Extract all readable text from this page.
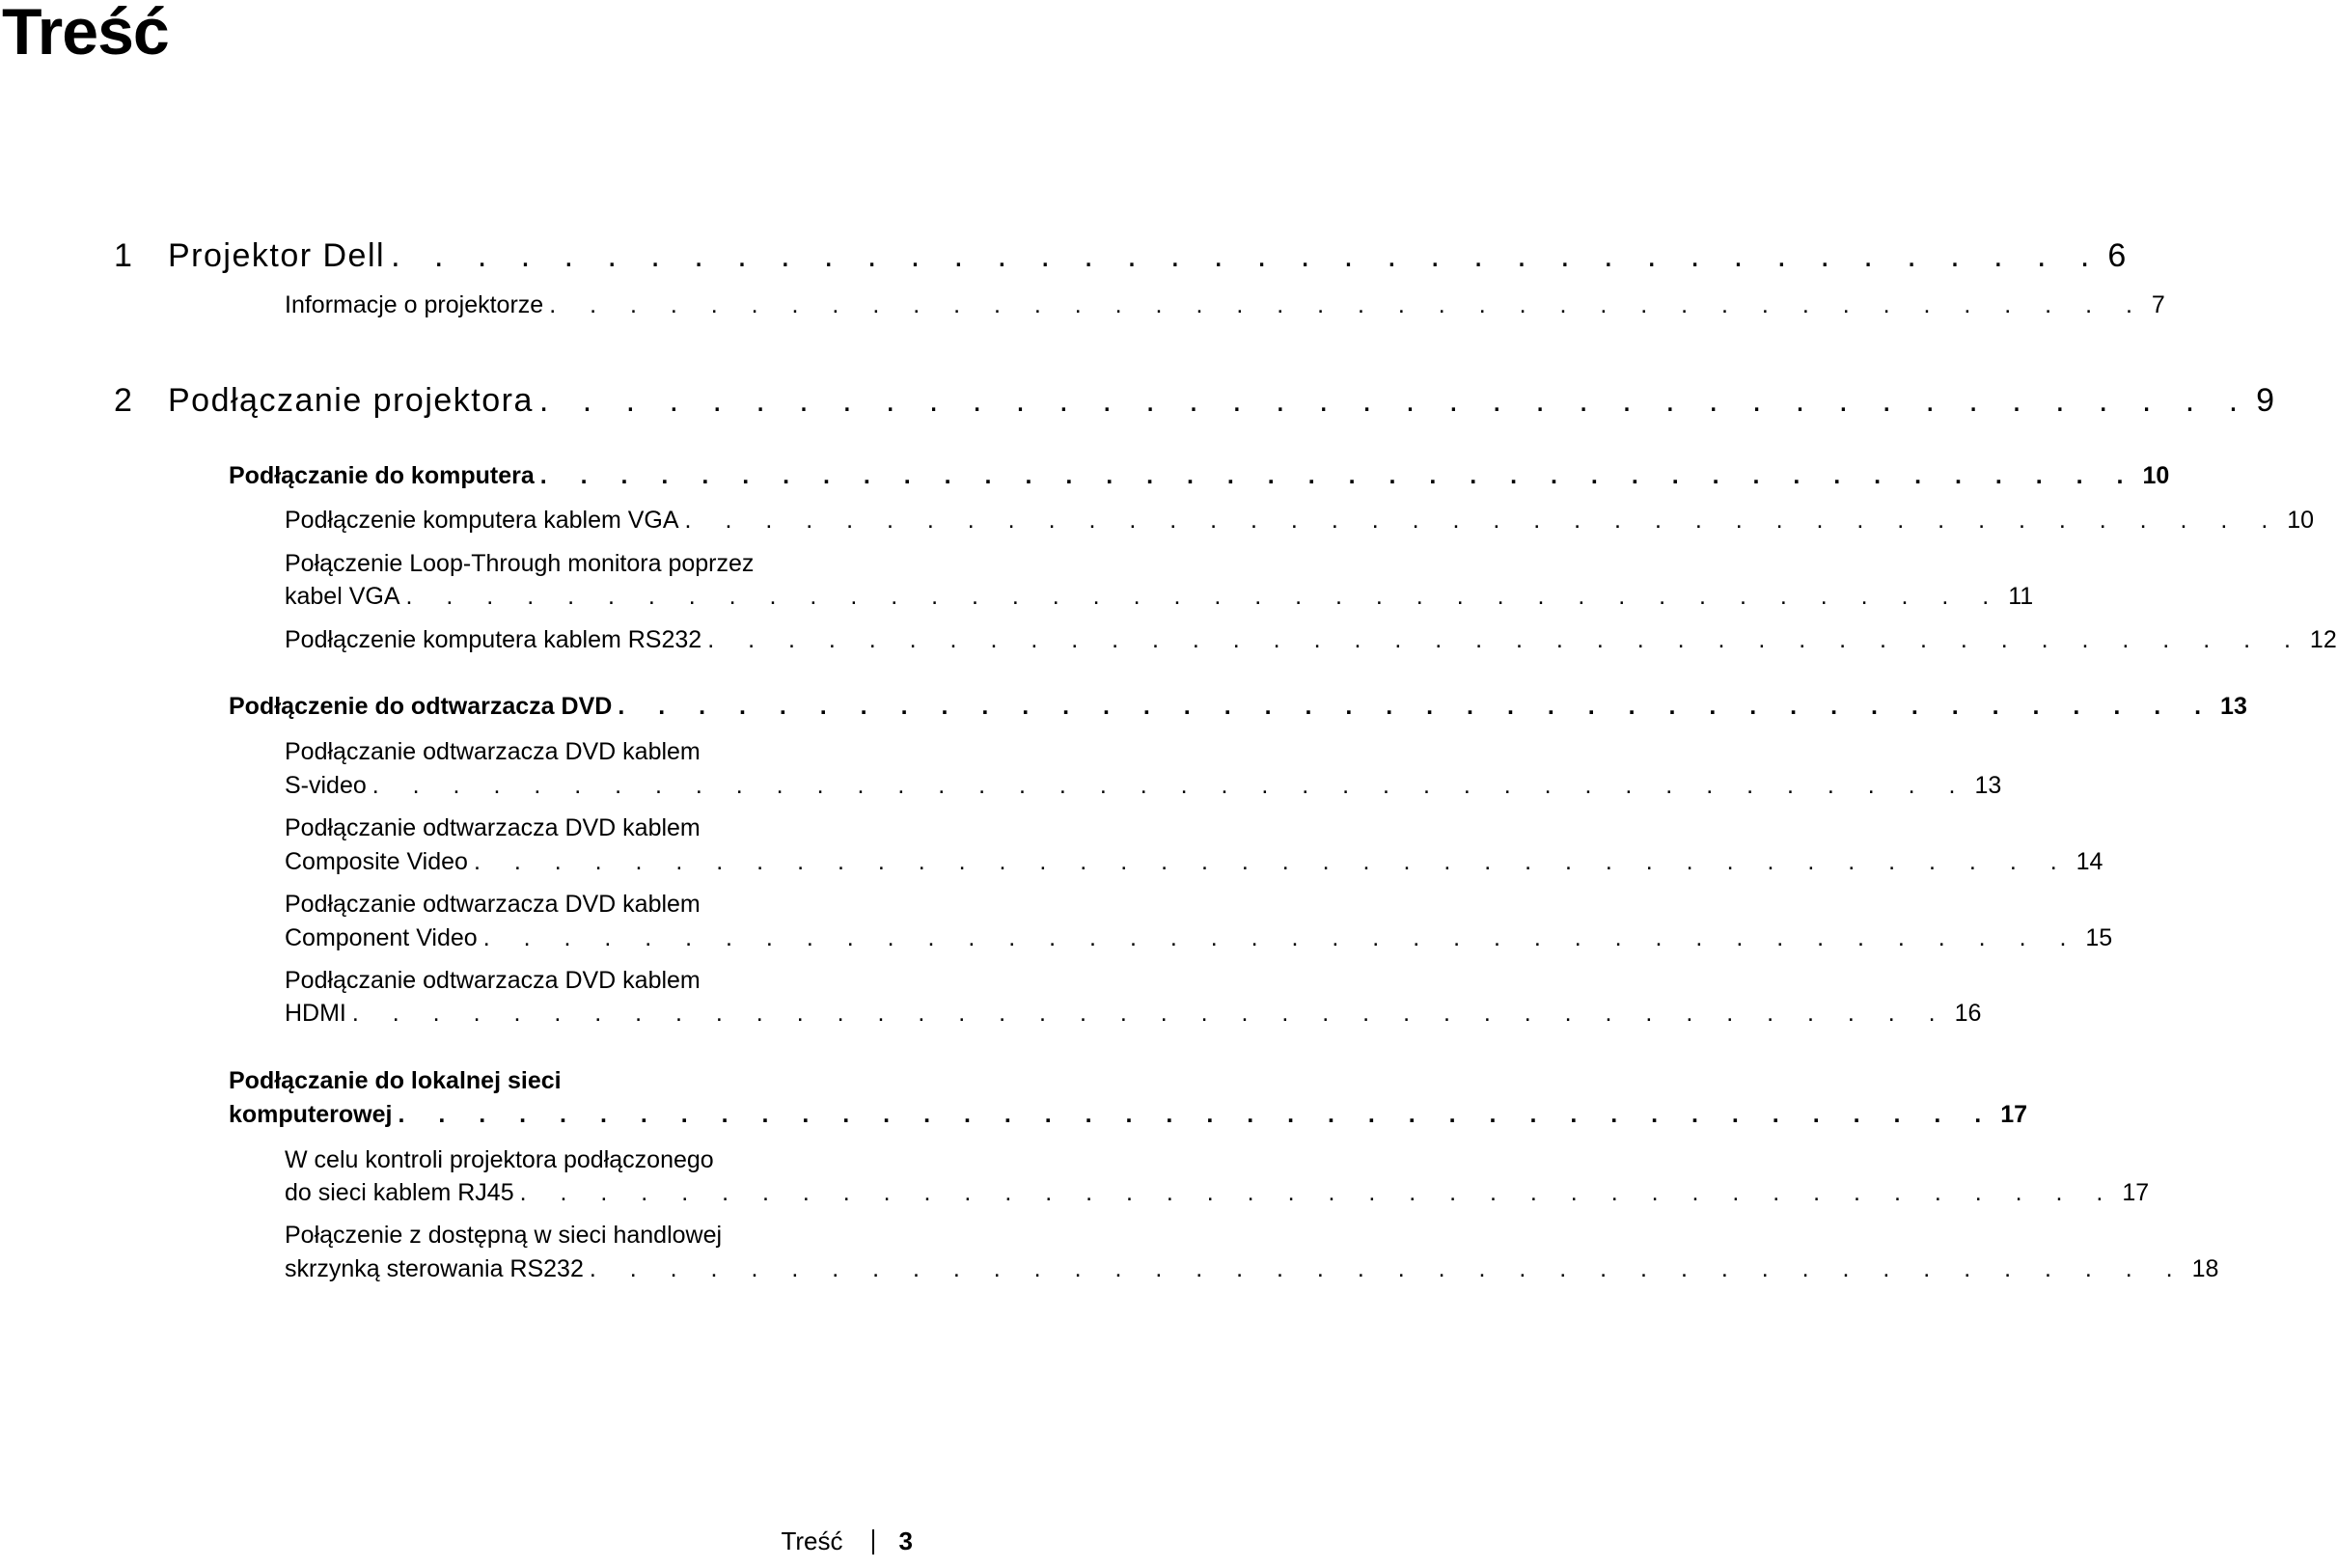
Treść
1	Projektor Dell . . . . . . . . . . . . . . . . . . . . . . . . . . . . . . . . . . . . . . . . 6
Informacje o projektorze . . . . . . . . . . . . . . . . . . . . . . . . . . . . . . . . . . . . . . . . 7
2	Podłączanie projektora . . . . . . . . . . . . . . . . . . . . . . . . . . . . . . . . . . . . . . . . 9
Podłączanie do komputera . . . . . . . . . . . . . . . . . . . . . . . . . . . . . . . . . . . . . . . . 10
Podłączenie komputera kablem VGA . . . . . . . . . . . . . . . . . . . . . . . . . . . . . . . . . . . . . . . . 10
Połączenie Loop-Through monitora poprzez
kabel VGA . . . . . . . . . . . . . . . . . . . . . . . . . . . . . . . . . . . . . . . . 11
Podłączenie komputera kablem RS232 . . . . . . . . . . . . . . . . . . . . . . . . . . . . . . . . . . . . . . . . 12
Podłączenie do odtwarzacza DVD . . . . . . . . . . . . . . . . . . . . . . . . . . . . . . . . . . . . . . . . 13
Podłączanie odtwarzacza DVD kablem
S-video . . . . . . . . . . . . . . . . . . . . . . . . . . . . . . . . . . . . . . . . 13
Podłączanie odtwarzacza DVD kablem
Composite Video . . . . . . . . . . . . . . . . . . . . . . . . . . . . . . . . . . . . . . . . 14
Podłączanie odtwarzacza DVD kablem
Component Video . . . . . . . . . . . . . . . . . . . . . . . . . . . . . . . . . . . . . . . . 15
Podłączanie odtwarzacza DVD kablem
HDMI . . . . . . . . . . . . . . . . . . . . . . . . . . . . . . . . . . . . . . . . 16
Podłączanie do lokalnej sieci
komputerowej . . . . . . . . . . . . . . . . . . . . . . . . . . . . . . . . . . . . . . . . 17
W celu kontroli projektora podłączonego
do sieci kablem RJ45 . . . . . . . . . . . . . . . . . . . . . . . . . . . . . . . . . . . . . . . . 17
Połączenie z dostępną w sieci handlowej
skrzynką sterowania RS232 . . . . . . . . . . . . . . . . . . . . . . . . . . . . . . . . . . . . . . . . 18
Treść 3
